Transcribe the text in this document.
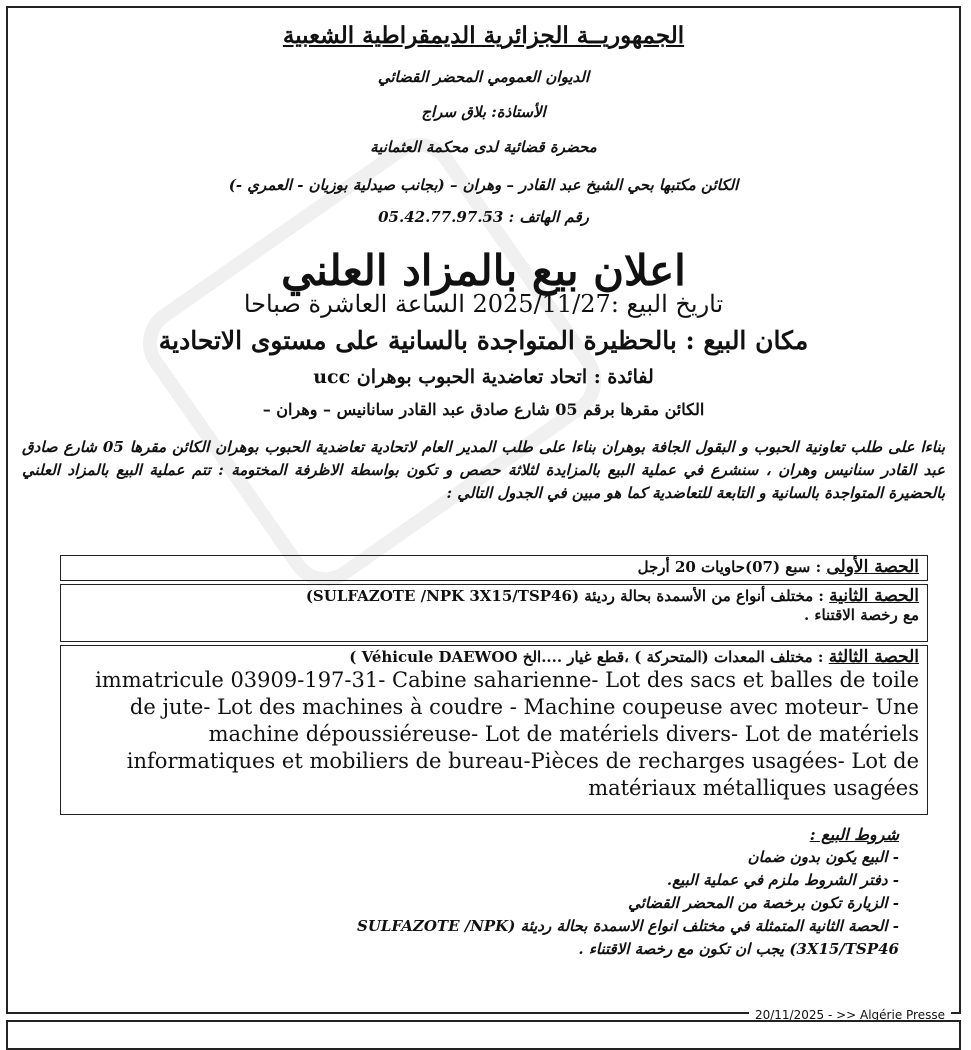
الجمهوريــة الجزائرية الديمقراطية الشعبية
الديوان العمومي المحضر القضائي
الأستاذة: بلاق سراج
محضرة قضائية لدى محكمة العثمانية
الكائن مكتبها بحي الشيخ عبد القادر – وهران – (بجانب صيدلية بوزيان - العمري -)
رقم الهاتف : 05.42.77.97.53
اعلان بيع بالمزاد العلني
تاريخ البيع :2025/11/27 الساعة العاشرة صباحا
مكان البيع : بالحظيرة المتواجدة بالسانية على مستوى الاتحادية
لفائدة : اتحاد تعاضدية الحبوب بوهران ucc
الكائن مقرها برقم 05 شارع صادق عبد القادر سانانيس – وهران –
بناءا على طلب تعاونية الحبوب و البقول الجافة بوهران بناءا على طلب المدير العام لاتحادية تعاضدية الحبوب بوهران الكائن مقرها 05 شارع صادق عبد القادر سنانيس وهران ، سنشرع في عملية البيع بالمزايدة لثلاثة حصص و تكون بواسطة الاظرفة المختومة : تتم عملية البيع بالمزاد العلني بالحضيرة المتواجدة بالسانية و التابعة للتعاضدية كما هو مبين في الجدول التالي :
الحصة الأولى : سبع (07)حاويات 20 أرجل
الحصة الثانية : مختلف أنواع من الأسمدة بحالة رديئة (SULFAZOTE /NPK 3X15/TSP46)
مع رخصة الاقتناء .
الحصة الثالثة : مختلف المعدات (المتحركة ) ،قطع غيار ....الخ Véhicule DAEWOO )
immatricule 03909-197-31- Cabine saharienne- Lot des sacs et balles de toile de jute- Lot des machines à coudre - Machine coupeuse avec moteur- Une machine dépoussiéreuse- Lot de matériels divers- Lot de matériels informatiques et mobiliers de bureau-Pièces de recharges usagées- Lot de matériaux métalliques usagées
شروط البيع :
- البيع يكون بدون ضمان
- دفتر الشروط ملزم في عملية البيع.
- الزيارة تكون برخصة من المحضر القضائي
- الحصة الثانية المتمثلة في مختلف انواع الاسمدة بحالة رديئة (SULFAZOTE /NPK
3X15/TSP46) يجب ان تكون مع رخصة الاقتناء .
20/11/2025 - >> Algérie Presse
